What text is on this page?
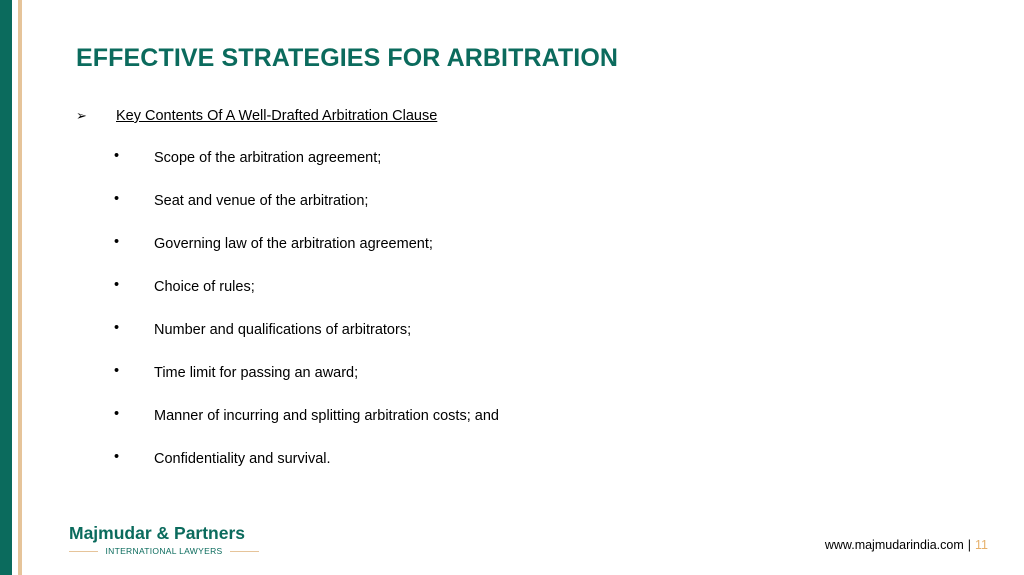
EFFECTIVE STRATEGIES FOR ARBITRATION
➢ Key Contents Of A Well-Drafted Arbitration Clause
• Scope of the arbitration agreement;
• Seat and venue of the arbitration;
• Governing law of the arbitration agreement;
• Choice of rules;
• Number and qualifications of arbitrators;
• Time limit for passing an award;
• Manner of incurring and splitting arbitration costs; and
• Confidentiality and survival.
Majmudar & Partners
INTERNATIONAL LAWYERS	www.majmudarindia.com | 11
